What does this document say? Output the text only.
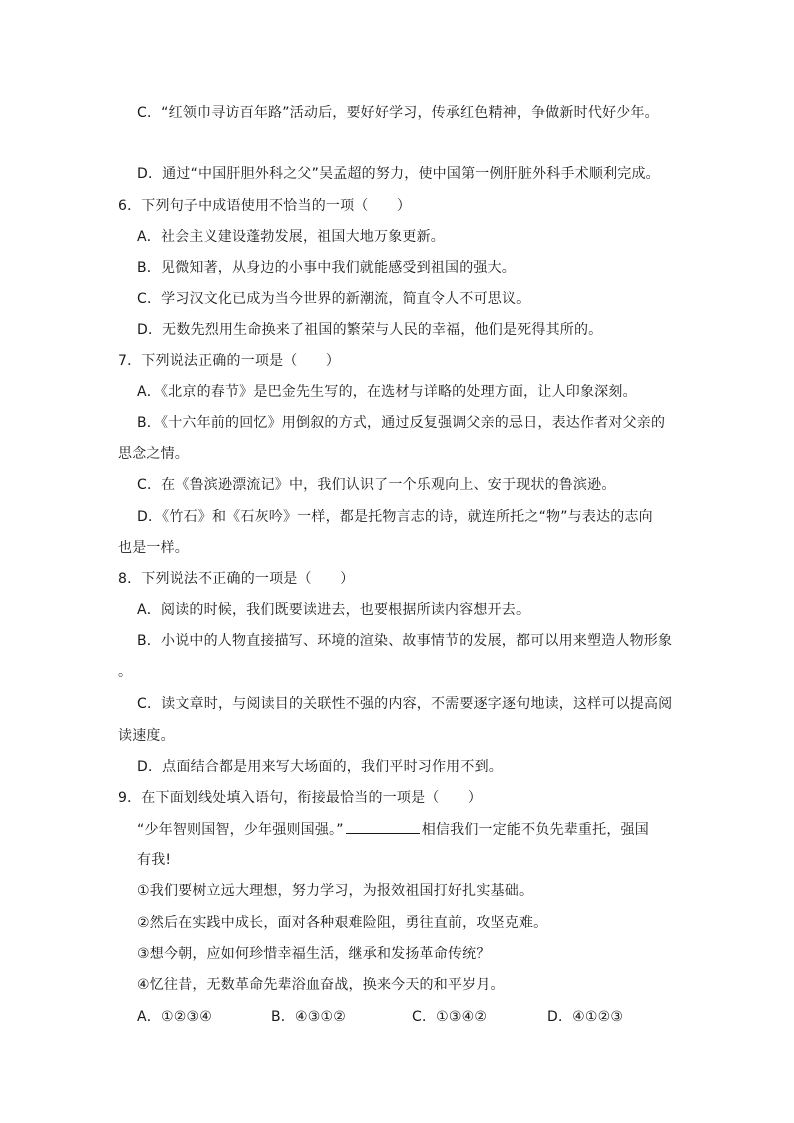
C．“红领巾寻访百年路”活动后，要好好学习，传承红色精神，争做新时代好少年。
D．通过“中国肝胆外科之父”吴孟超的努力，使中国第一例肝脏外科手术顺利完成。
6．下列句子中成语使用不恰当的一项（　　）
A．社会主义建设蓬勃发展，祖国大地万象更新。
B．见微知著，从身边的小事中我们就能感受到祖国的强大。
C．学习汉文化已成为当今世界的新潮流，简直令人不可思议。
D．无数先烈用生命换来了祖国的繁荣与人民的幸福，他们是死得其所的。
7．下列说法正确的一项是（　　）
A．《北京的春节》是巴金先生写的，在选材与详略的处理方面，让人印象深刻。
B．《十六年前的回忆》用倒叙的方式，通过反复强调父亲的忌日，表达作者对父亲的
思念之情。
C．在《鲁滨逊漂流记》中，我们认识了一个乐观向上、安于现状的鲁滨逊。
D．《竹石》和《石灰吟》一样，都是托物言志的诗，就连所托之“物”与表达的志向
也是一样。
8．下列说法不正确的一项是（　　）
A．阅读的时候，我们既要读进去，也要根据所读内容想开去。
B．小说中的人物直接描写、环境的渲染、故事情节的发展，都可以用来塑造人物形象
。
C．读文章时，与阅读目的关联性不强的内容，不需要逐字逐句地读，这样可以提高阅
读速度。
D．点面结合都是用来写大场面的，我们平时习作用不到。
9．在下面划线处填入语句，衔接最恰当的一项是（　　）
“少年智则国智，少年强则国强。”	相信我们一定能不负先辈重托，强国
有我!
①我们要树立远大理想，努力学习，为报效祖国打好扎实基础。
②然后在实践中成长，面对各种艰难险阻，勇往直前，攻坚克难。
③想今朝，应如何珍惜幸福生活，继承和发扬革命传统？
④忆往昔，无数革命先辈浴血奋战，换来今天的和平岁月。
A．①②③④	B．④③①②	C．①③④②	D．④①②③
